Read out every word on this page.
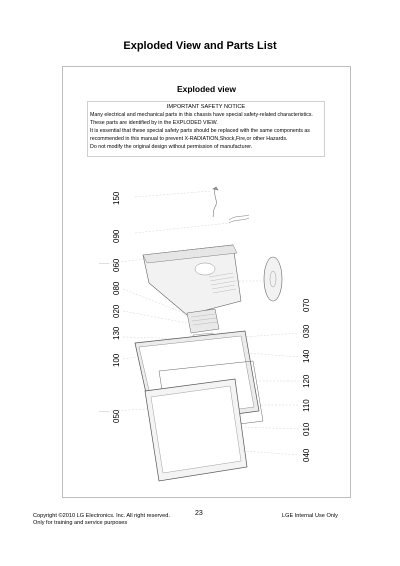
Exploded View and Parts List
Exploded view
IMPORTANT SAFETY NOTICE
Many electrical and mechanical parts in this chassis have special safety-related characteristics.
These parts are identified by in the EXPLODED VIEW.
It is essential that these special safety parts should be replaced with the same components as
recommended in this manual to prevent X-RADIATION,Shock,Fire,or other Hazards.
Do not modify the original design without permission of manufacturer.
150
090
060
080
020
130
100
050
070
030
140
120
110
010
040
————
————
Copyright ©2010 LG Electronics. Inc. All right reserved.
Only for training and service purposes
23	LGE Internal Use Only
